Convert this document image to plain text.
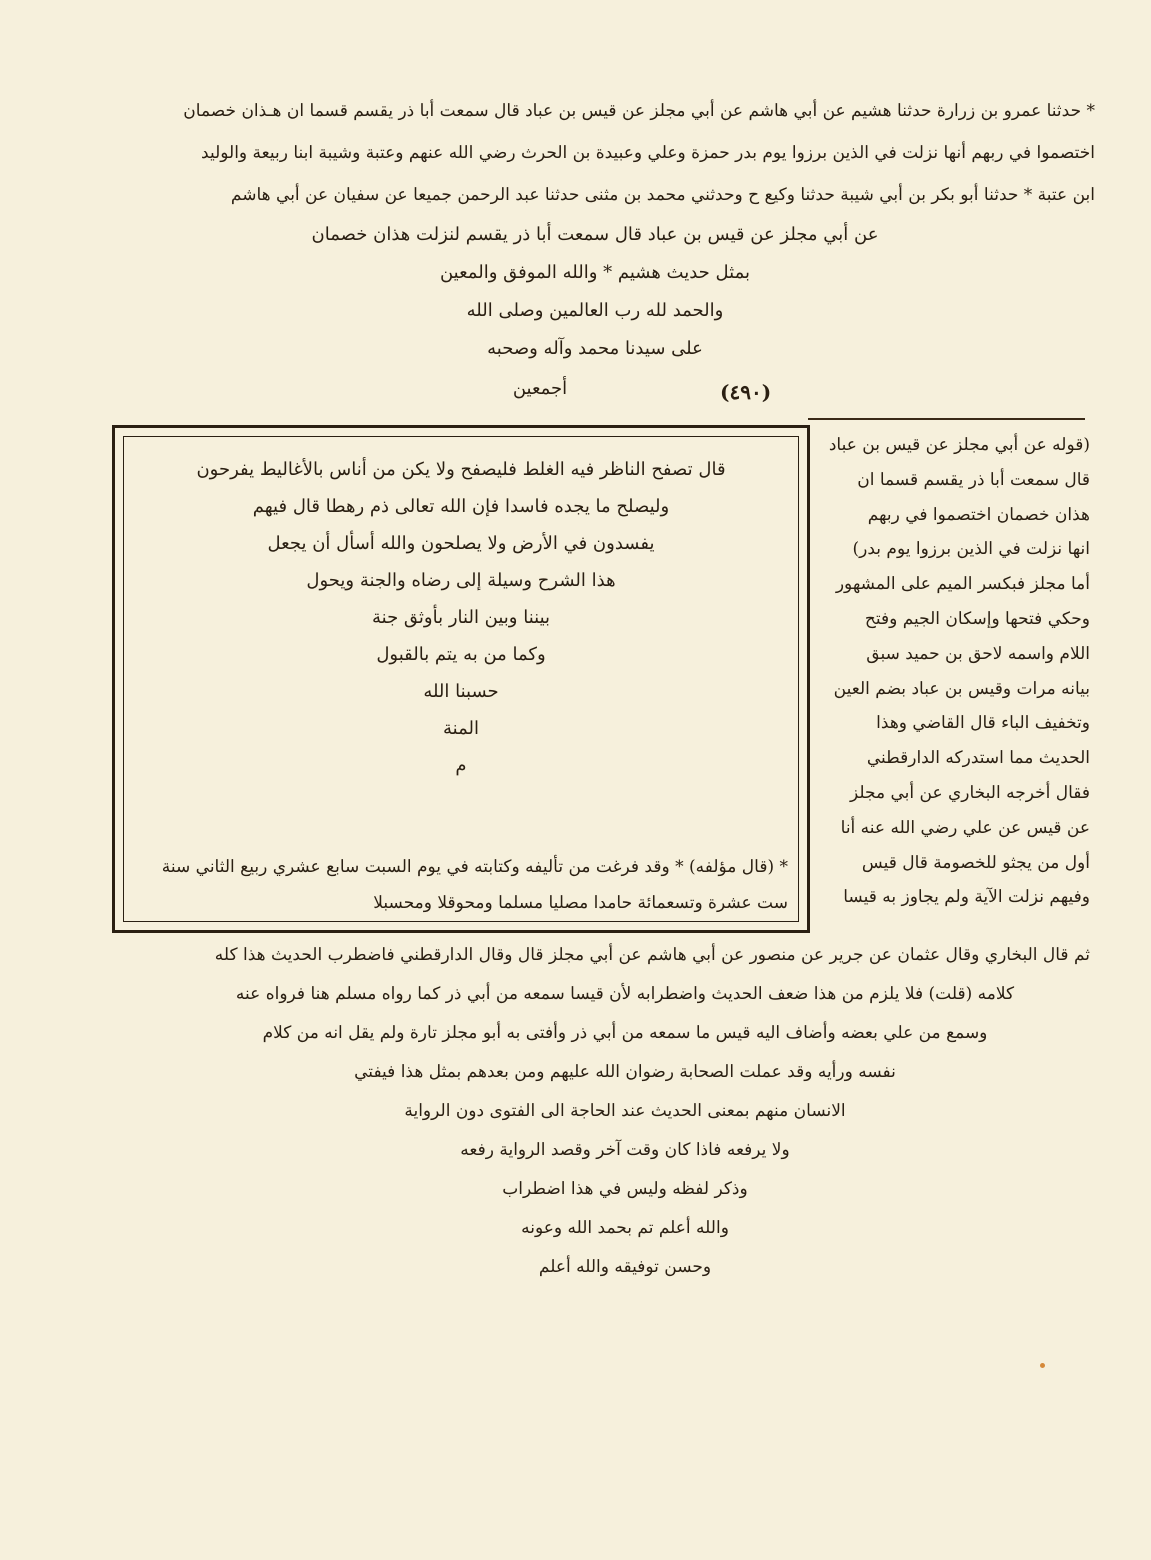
* حدثنا عمرو بن زرارة حدثنا هشيم عن أبي هاشم عن أبي مجلز عن قيس بن عباد قال سمعت أبا ذر يقسم قسما ان هـذان خصمان
اختصموا في ربهم أنها نزلت في الذين برزوا يوم بدر حمزة وعلي وعبيدة بن الحرث رضي الله عنهم وعتبة وشيبة ابنا ربيعة والوليد
ابن عتبة * حدثنا أبو بكر بن أبي شيبة حدثنا وكيع ح وحدثني محمد بن مثنى حدثنا عبد الرحمن جميعا عن سفيان عن أبي هاشم
عن أبي مجلز عن قيس بن عباد قال سمعت أبا ذر يقسم لنزلت هذان خصمان
بمثل حديث هشيم * والله الموفق والمعين
والحمد لله رب العالمين وصلى الله
على سيدنا محمد وآله وصحبه
أجمعين	(٤٩٠)
قال تصفح الناظر فيه الغلط فليصفح ولا يكن من أناس بالأغاليط يفرحون
وليصلح ما يجده فاسدا فإن الله تعالى ذم رهطا قال فيهم
يفسدون في الأرض ولا يصلحون والله أسأل أن يجعل
هذا الشرح وسيلة إلى رضاه والجنة ويحول
بيننا وبين النار بأوثق جنة
وكما من به يتم بالقبول
حسبنا الله
المنة
م
* (قال مؤلفه) * وقد فرغت من تأليفه وكتابته في يوم السبت سابع عشري ربيع الثاني سنة
ست عشرة وتسعمائة حامدا مصليا مسلما ومحوقلا ومحسبلا
(قوله عن أبي مجلز عن قيس بن عباد
قال سمعت أبا ذر يقسم قسما ان
هذان خصمان اختصموا في ربهم
انها نزلت في الذين برزوا يوم بدر)
أما مجلز فبكسر الميم على المشهور
وحكي فتحها وإسكان الجيم وفتح
اللام واسمه لاحق بن حميد سبق
بيانه مرات وقيس بن عباد بضم العين
وتخفيف الباء قال القاضي وهذا
الحديث مما استدركه الدارقطني
فقال أخرجه البخاري عن أبي مجلز
عن قيس عن علي رضي الله عنه أنا
أول من يجثو للخصومة قال قيس
وفيهم نزلت الآية ولم يجاوز به قيسا
ثم قال البخاري وقال عثمان عن جرير عن منصور عن أبي هاشم عن أبي مجلز قال وقال الدارقطني فاضطرب الحديث هذا كله
كلامه (قلت) فلا يلزم من هذا ضعف الحديث واضطرابه لأن قيسا سمعه من أبي ذر كما رواه مسلم هنا فرواه عنه
وسمع من علي بعضه وأضاف اليه قيس ما سمعه من أبي ذر وأفتى به أبو مجلز تارة ولم يقل انه من كلام
نفسه ورأيه وقد عملت الصحابة رضوان الله عليهم ومن بعدهم بمثل هذا فيفتي
الانسان منهم بمعنى الحديث عند الحاجة الى الفتوى دون الرواية
ولا يرفعه فاذا كان وقت آخر وقصد الرواية رفعه
وذكر لفظه وليس في هذا اضطراب
والله أعلم تم بحمد الله وعونه
وحسن توفيقه والله أعلم
